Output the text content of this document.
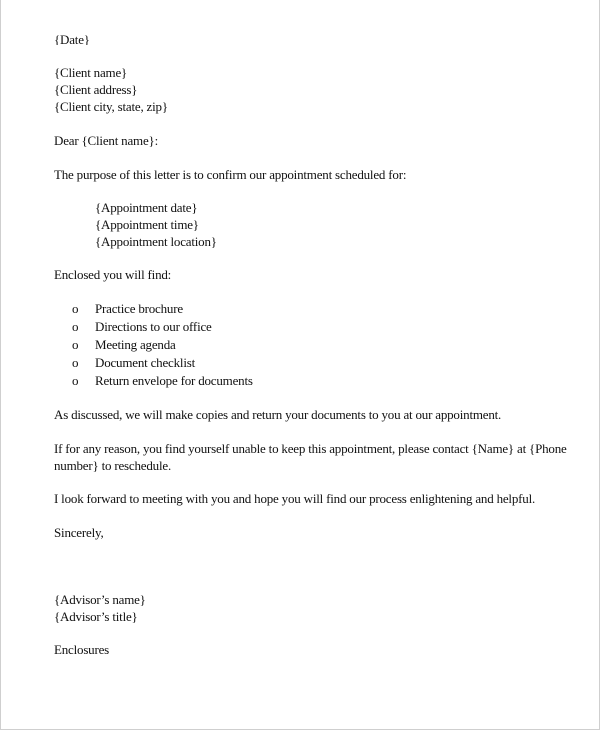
{Date}
{Client name}
{Client address}
{Client city, state, zip}
Dear {Client name}:
The purpose of this letter is to confirm our appointment scheduled for:
{Appointment date}
{Appointment time}
{Appointment location}
Enclosed you will find:
o Practice brochure
o Directions to our office
o Meeting agenda
o Document checklist
o Return envelope for documents
As discussed, we will make copies and return your documents to you at our appointment.
If for any reason, you find yourself unable to keep this appointment, please contact {Name} at {Phone
number} to reschedule.
I look forward to meeting with you and hope you will find our process enlightening and helpful.
Sincerely,
{Advisor’s name}
{Advisor’s title}
Enclosures
